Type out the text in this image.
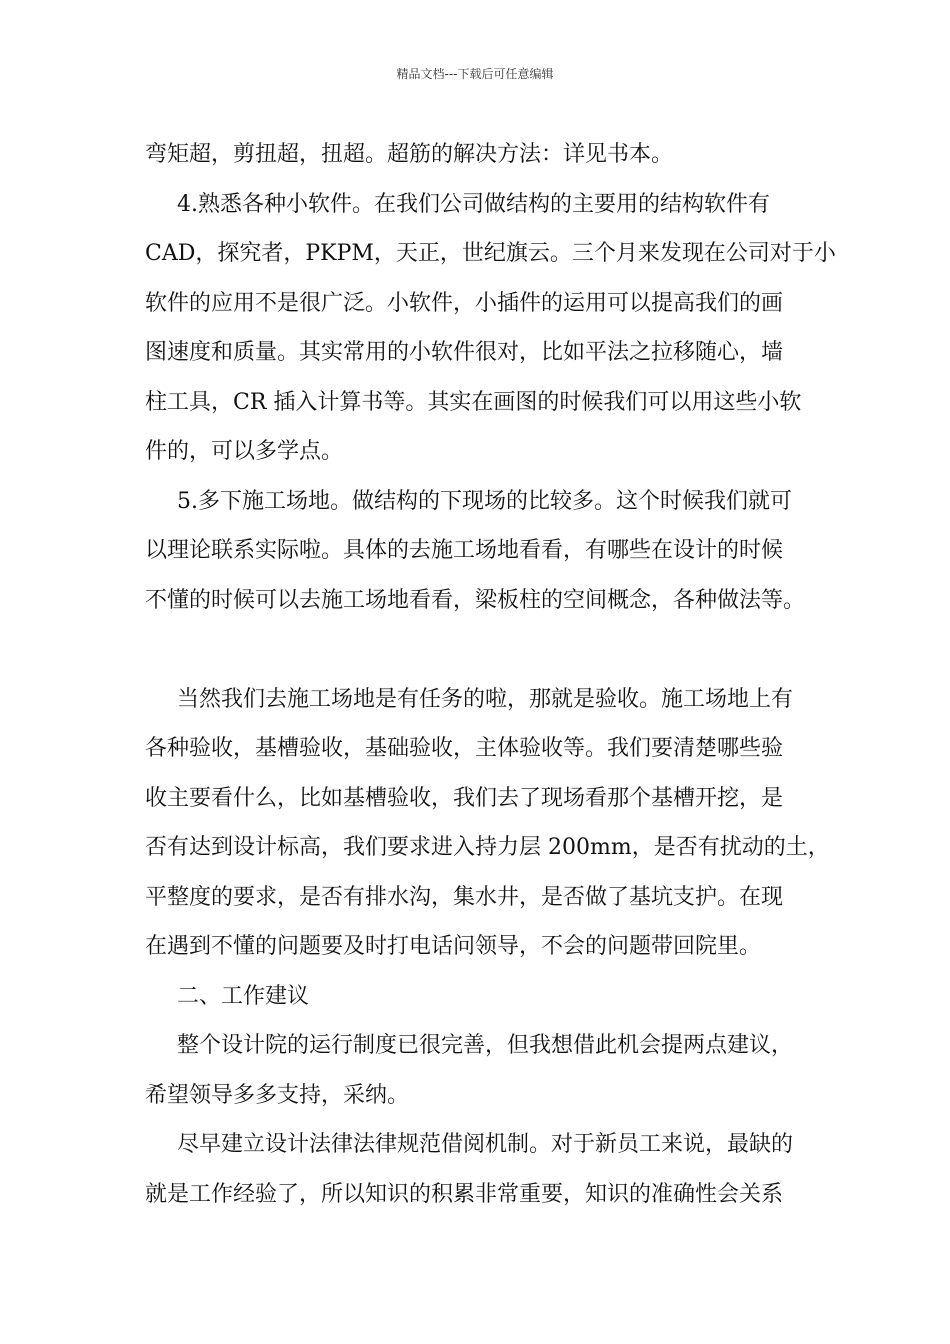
精品文档---下载后可任意编辑
弯矩超，剪扭超，扭超。超筋的解决方法：详见书本。
4.熟悉各种小软件。在我们公司做结构的主要用的结构软件有
CAD，探究者，PKPM，天正，世纪旗云。三个月来发现在公司对于小
软件的应用不是很广泛。小软件，小插件的运用可以提高我们的画
图速度和质量。其实常用的小软件很对，比如平法之拉移随心，墙
柱工具，CR 插入计算书等。其实在画图的时候我们可以用这些小软
件的，可以多学点。
5.多下施工场地。做结构的下现场的比较多。这个时候我们就可
以理论联系实际啦。具体的去施工场地看看，有哪些在设计的时候
不懂的时候可以去施工场地看看，梁板柱的空间概念，各种做法等。
当然我们去施工场地是有任务的啦，那就是验收。施工场地上有
各种验收，基槽验收，基础验收，主体验收等。我们要清楚哪些验
收主要看什么，比如基槽验收，我们去了现场看那个基槽开挖，是
否有达到设计标高，我们要求进入持力层 200mm，是否有扰动的土，
平整度的要求，是否有排水沟，集水井，是否做了基坑支护。在现
在遇到不懂的问题要及时打电话问领导，不会的问题带回院里。
二、工作建议
整个设计院的运行制度已很完善，但我想借此机会提两点建议，
希望领导多多支持，采纳。
尽早建立设计法律法律规范借阅机制。对于新员工来说，最缺的
就是工作经验了，所以知识的积累非常重要，知识的准确性会关系
